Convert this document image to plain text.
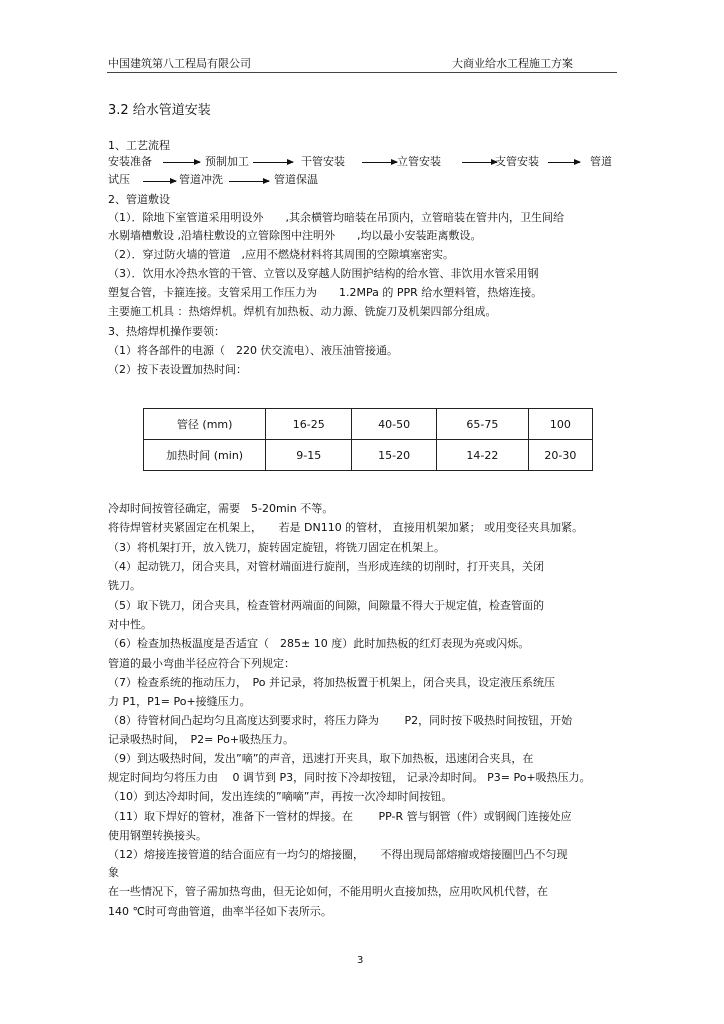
中国建筑第八工程局有限公司	大商业给水工程施工方案
3.2 给水管道安装
1、工艺流程
安装准备	预制加工	干管安装	立管安装	支管安装	管道
试压	管道冲洗	管道保温
2、管道敷设
（1）．除地下室管道采用明设外　　,其余横管均暗装在吊顶内，立管暗装在管井内，卫生间给
水剔墙槽敷设 ,沿墙柱敷设的立管除图中注明外　　,均以最小安装距离敷设。
（2）．穿过防火墙的管道　,应用不燃烧材料将其周围的空隙填塞密实。
（3）．饮用水冷热水管的干管、立管以及穿越人防围护结构的给水管、非饮用水管采用钢
塑复合管，卡箍连接。支管采用工作压力为　　1.2MPa 的 PPR 给水塑料管，热熔连接。
主要施工机具 ：热熔焊机。焊机有加热板、动力源、铣旋刀及机架四部分组成。
3、热熔焊机操作要领：
（1）将各部件的电源（　220 伏交流电）、液压油管接通。
（2）按下表设置加热时间：
管径 (mm)	16-25	40-50	65-75	100
加热时间 (min)	9-15	15-20	14-22	20-30
冷却时间按管径确定，需要　5-20min 不等。
将待焊管材夹紧固定在机架上，　　若是 DN110 的管材， 直接用机架加紧； 或用变径夹具加紧。
（3）将机架打开，放入铣刀，旋转固定旋钮，将铣刀固定在机架上。
（4）起动铣刀，闭合夹具，对管材端面进行旋削，当形成连续的切削时，打开夹具，关闭
铣刀。
（5）取下铣刀，闭合夹具，检查管材两端面的间隙，间隙量不得大于规定值，检查管面的
对中性。
（6）检查加热板温度是否适宜（　285± 10 度）此时加热板的红灯表现为亮或闪烁。
管道的最小弯曲半径应符合下列规定：
（7）检查系统的拖动压力，　Po 并记录，将加热板置于机架上，闭合夹具，设定液压系统压
力 P1，P1= Po+接缝压力。
（8）待管材间凸起均匀且高度达到要求时，将压力降为　　 P2，同时按下吸热时间按钮，开始
记录吸热时间，　P2= Po+吸热压力。
（9）到达吸热时间，发出”嘀”的声音，迅速打开夹具，取下加热板，迅速闭合夹具，在
规定时间均匀将压力由　 0 调节到 P3，同时按下冷却按钮， 记录冷却时间。 P3= Po+吸热压力。
（10）到达冷却时间，发出连续的”嘀嘀”声，再按一次冷却时间按钮。
（11）取下焊好的管材，准备下一管材的焊接。在　　 PP-R 管与钢管（件）或钢阀门连接处应
使用钢塑转换接头。
（12）熔接连接管道的结合面应有一均匀的熔接圈，　　不得出现局部熔瘤或熔接圈凹凸不匀现
象
在一些情况下，管子需加热弯曲，但无论如何，不能用明火直接加热，应用吹风机代替，在
140 ℃时可弯曲管道，曲率半径如下表所示。
3
